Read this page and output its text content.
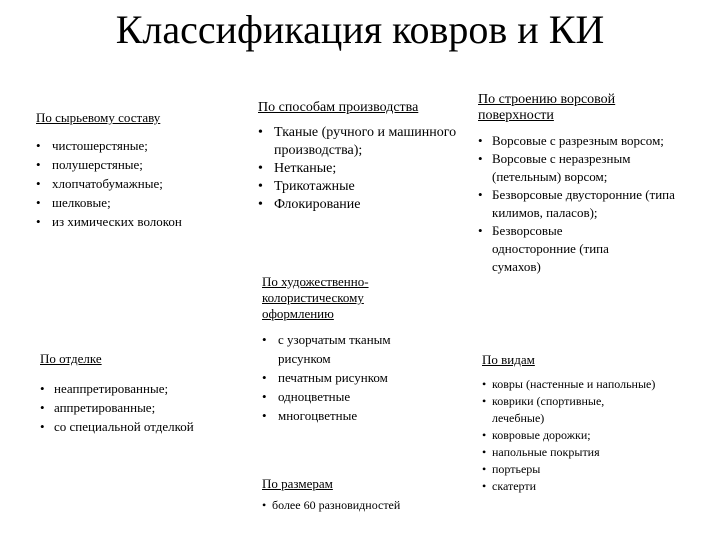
Классификация ковров и КИ

По сырьевому составу

• чистошерстяные;
• полушерстяные;
• хлопчатобумажные;
• шелковые;
• из химических волокон

По отделке

• неаппретированные;
• аппретированные;
• со специальной отделкой

По способам производства

• Тканые (ручного и машинного производства);
• Нетканые;
• Трикотажные
• Флокирование

По художественно-колористическому оформлению

• с узорчатым тканым рисунком
• печатным рисунком
• одноцветные
• многоцветные

По размерам

• более 60 разновидностей

По строению ворсовой поверхности

• Ворсовые с разрезным ворсом;
• Ворсовые с неразрезным (петельным) ворсом;
• Безворсовые двусторонние (типа килимов, паласов);
• Безворсовые односторонние (типа сумахов)

По видам

• ковры (настенные и напольные)
• коврики (спортивные, лечебные)
• ковровые дорожки;
• напольные покрытия
• портьеры
• скатерти
